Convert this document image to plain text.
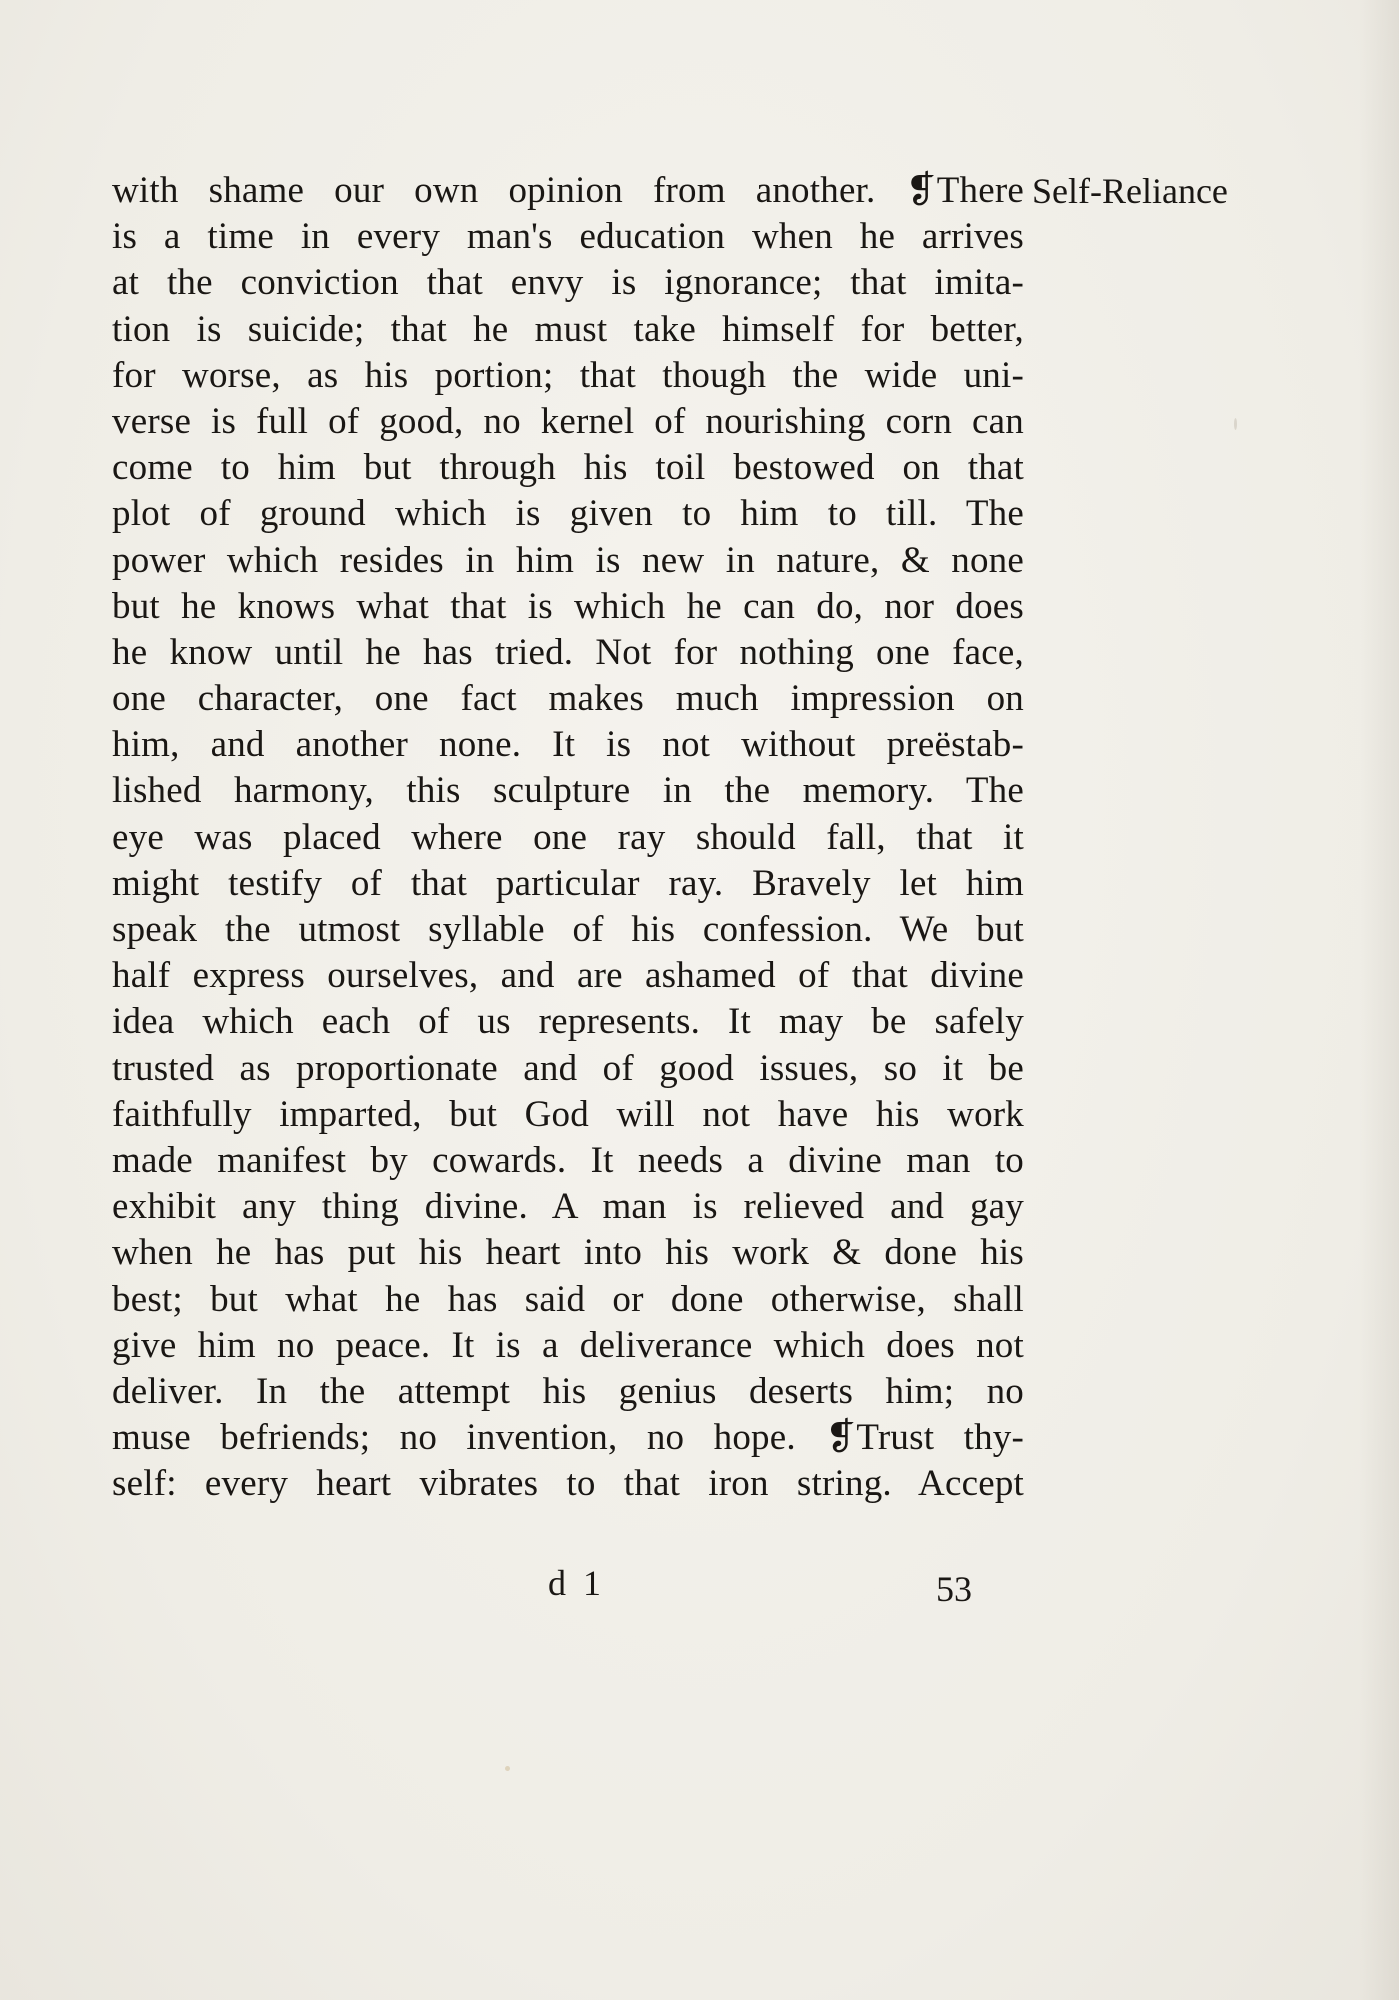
with shame our own opinion from another. ❡There
is a time in every man's education when he arrives
at the conviction that envy is ignorance; that imita-
tion is suicide; that he must take himself for better,
for worse, as his portion; that though the wide uni-
verse is full of good, no kernel of nourishing corn can
come to him but through his toil bestowed on that
plot of ground which is given to him to till. The
power which resides in him is new in nature, & none
but he knows what that is which he can do, nor does
he know until he has tried. Not for nothing one face,
one character, one fact makes much impression on
him, and another none. It is not without preëstab-
lished harmony, this sculpture in the memory. The
eye was placed where one ray should fall, that it
might testify of that particular ray. Bravely let him
speak the utmost syllable of his confession. We but
half express ourselves, and are ashamed of that divine
idea which each of us represents. It may be safely
trusted as proportionate and of good issues, so it be
faithfully imparted, but God will not have his work
made manifest by cowards. It needs a divine man to
exhibit any thing divine. A man is relieved and gay
when he has put his heart into his work & done his
best; but what he has said or done otherwise, shall
give him no peace. It is a deliverance which does not
deliver. In the attempt his genius deserts him; no
muse befriends; no invention, no hope. ❡Trust thy-
self: every heart vibrates to that iron string. Accept
Self-Reliance
d 1	53
